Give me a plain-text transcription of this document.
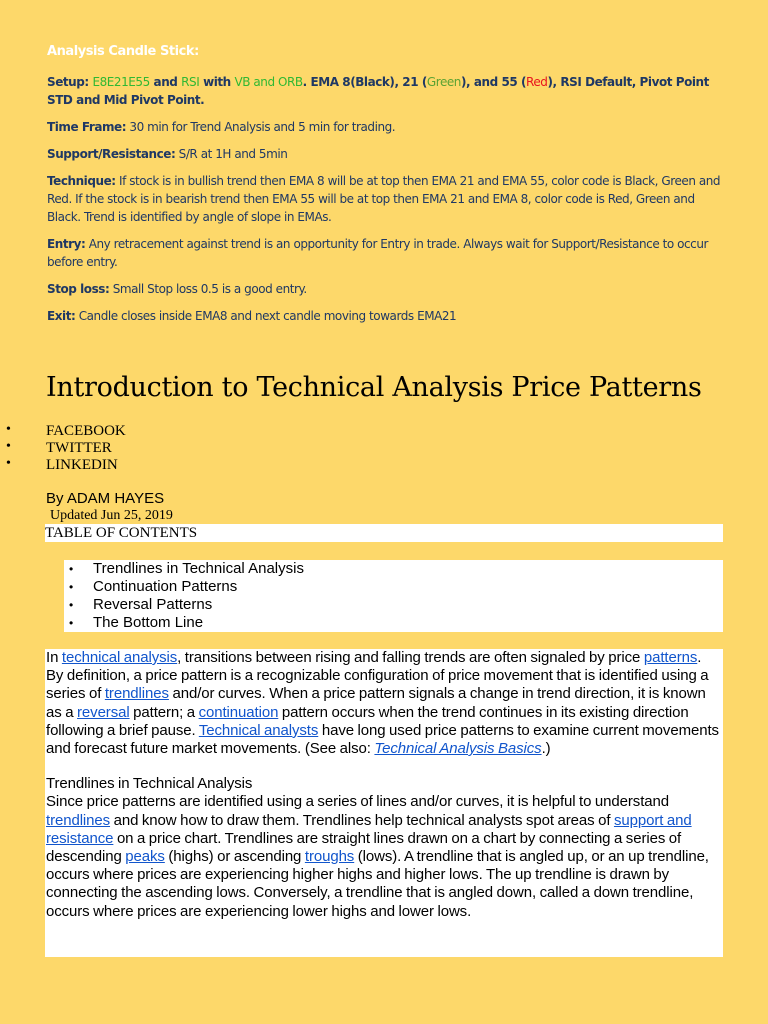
Analysis Candle Stick:
Setup: E8E21E55 and RSI with VB and ORB. EMA 8(Black), 21 (Green), and 55 (Red), RSI Default, Pivot Point STD and Mid Pivot Point.
Time Frame: 30 min for Trend Analysis and 5 min for trading.
Support/Resistance: S/R at 1H and 5min
Technique: If stock is in bullish trend then EMA 8 will be at top then EMA 21 and EMA 55, color code is Black, Green and Red. If the stock is in bearish trend then EMA 55 will be at top then EMA 21 and EMA 8, color code is Red, Green and Black. Trend is identified by angle of slope in EMAs.
Entry: Any retracement against trend is an opportunity for Entry in trade. Always wait for Support/Resistance to occur before entry.
Stop loss: Small Stop loss 0.5 is a good entry.
Exit: Candle closes inside EMA8 and next candle moving towards EMA21
Introduction to Technical Analysis Price Patterns
• FACEBOOK
• TWITTER
• LINKEDIN
By ADAM HAYES
Updated Jun 25, 2019
TABLE OF CONTENTS
• Trendlines in Technical Analysis
• Continuation Patterns
• Reversal Patterns
• The Bottom Line

In technical analysis, transitions between rising and falling trends are often signaled by price patterns. By definition, a price pattern is a recognizable configuration of price movement that is identified using a series of trendlines and/or curves. When a price pattern signals a change in trend direction, it is known as a reversal pattern; a continuation pattern occurs when the trend continues in its existing direction following a brief pause. Technical analysts have long used price patterns to examine current movements and forecast future market movements. (See also: Technical Analysis Basics.)

Trendlines in Technical Analysis

Since price patterns are identified using a series of lines and/or curves, it is helpful to understand trendlines and know how to draw them. Trendlines help technical analysts spot areas of support and resistance on a price chart. Trendlines are straight lines drawn on a chart by connecting a series of descending peaks (highs) or ascending troughs (lows). A trendline that is angled up, or an up trendline, occurs where prices are experiencing higher highs and higher lows. The up trendline is drawn by connecting the ascending lows. Conversely, a trendline that is angled down, called a down trendline, occurs where prices are experiencing lower highs and lower lows.
